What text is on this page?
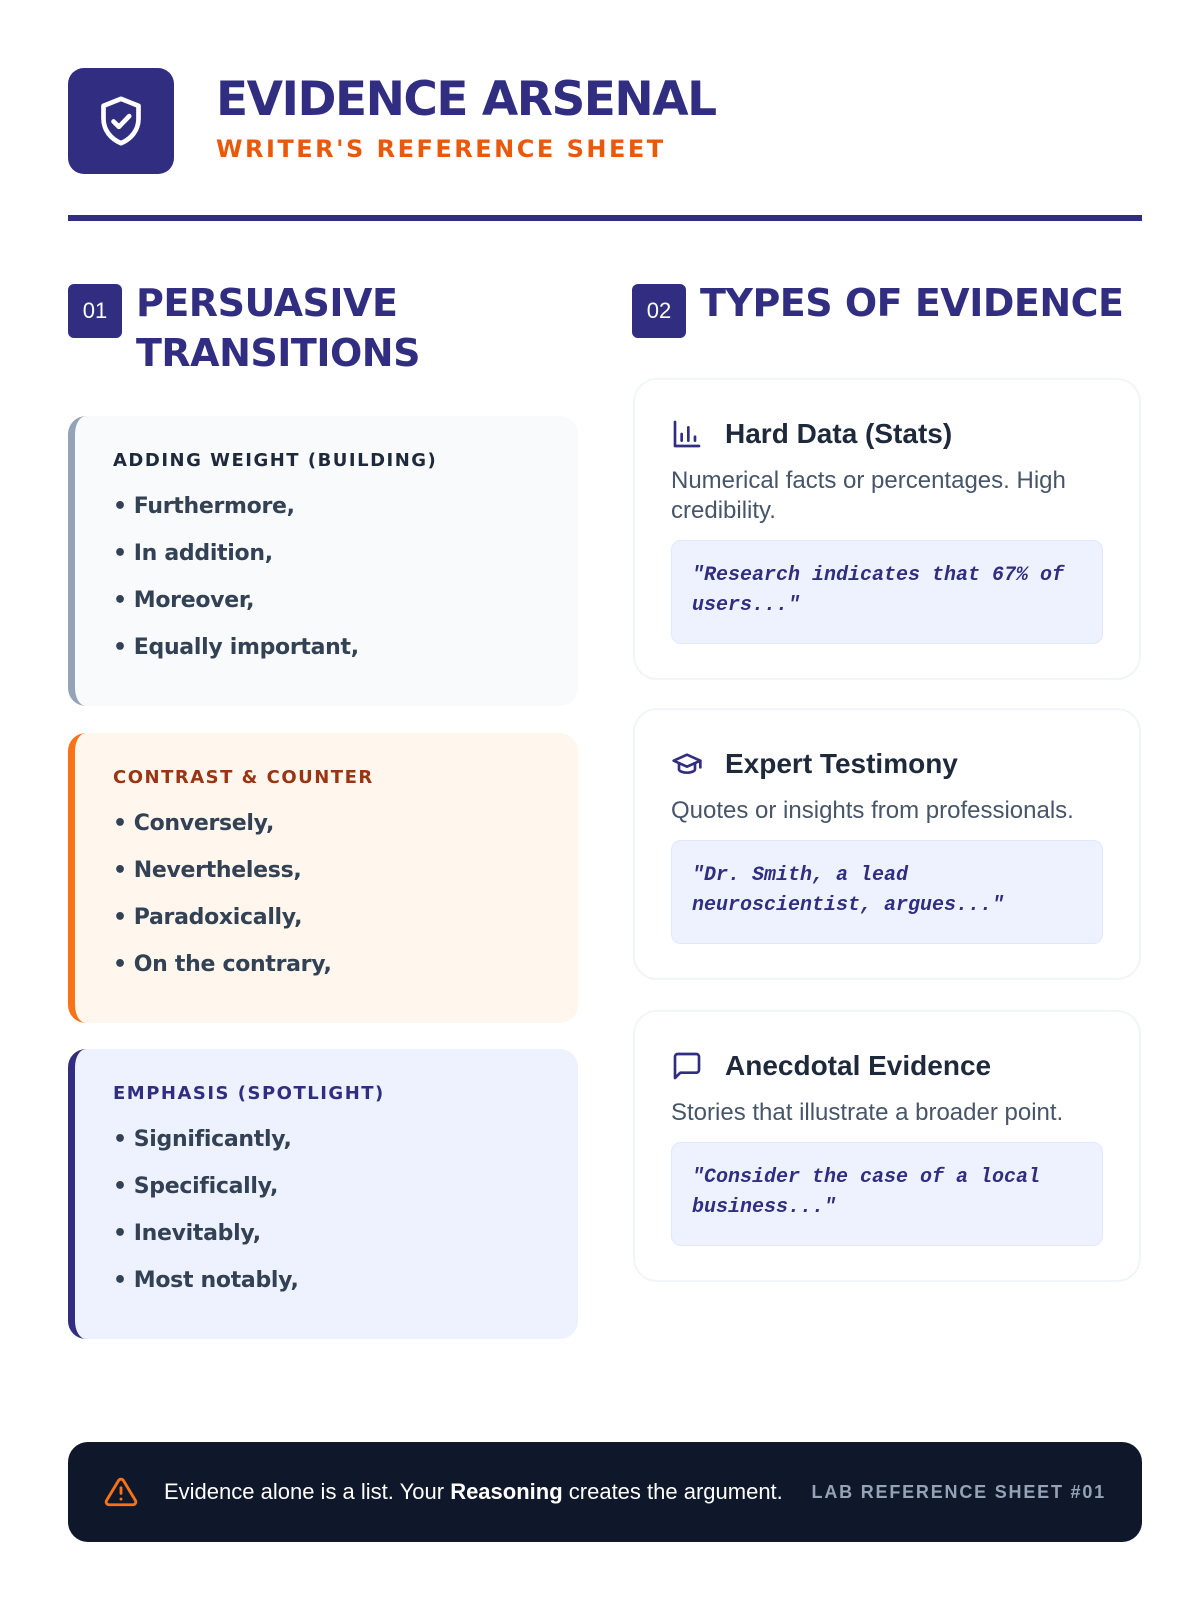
EVIDENCE ARSENAL
WRITER'S REFERENCE SHEET
01 PERSUASIVE TRANSITIONS
02 TYPES OF EVIDENCE
ADDING WEIGHT (BUILDING)
• Furthermore,
• In addition,
• Moreover,
• Equally important,
CONTRAST & COUNTER
• Conversely,
• Nevertheless,
• Paradoxically,
• On the contrary,
EMPHASIS (SPOTLIGHT)
• Significantly,
• Specifically,
• Inevitably,
• Most notably,
Hard Data (Stats)
Numerical facts or percentages. High credibility.
"Research indicates that 67% of users..."
Expert Testimony
Quotes or insights from professionals.
"Dr. Smith, a lead neuroscientist, argues..."
Anecdotal Evidence
Stories that illustrate a broader point.
"Consider the case of a local business..."
Evidence alone is a list. Your Reasoning creates the argument. LAB REFERENCE SHEET #01
